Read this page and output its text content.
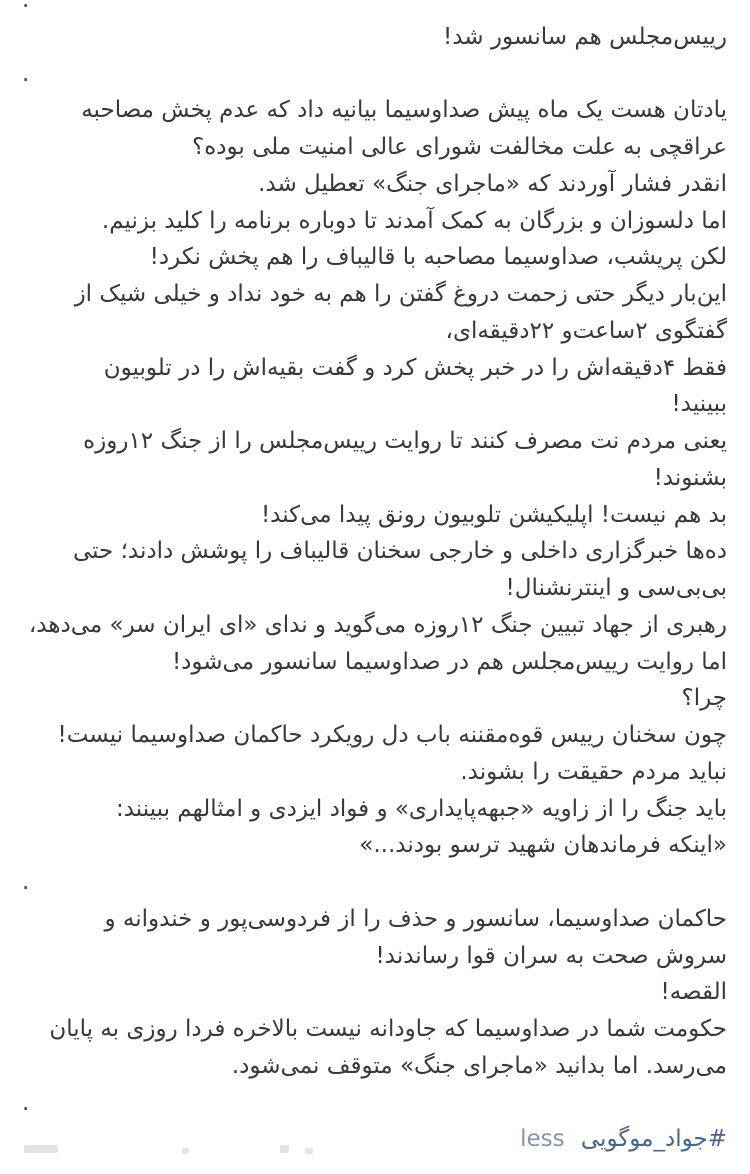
.
رییس‌مجلس هم سانسور شد!
.
یادتان هست یک ماه پیش صداوسیما بیانیه داد که عدم پخش مصاحبه
عراقچی به علت مخالفت شورای عالی امنیت ملی بوده؟
انقدر فشار آوردند که «ماجرای جنگ» تعطیل شد.
اما دلسوزان و بزرگان به کمک آمدند تا دوباره برنامه را کلید بزنیم.
لکن پریشب، صداوسیما مصاحبه با قالیباف را هم پخش نکرد!
این‌بار دیگر حتی زحمت دروغ گفتن را هم به خود نداد و خیلی شیک از
گفتگوی ۲ساعت‌و ۲۲دقیقه‌ای،
فقط ۴دقیقه‌اش را در خبر پخش کرد و گفت بقیه‌اش را در تلوبیون
ببینید!
یعنی مردم نت مصرف کنند تا روایت رییس‌مجلس را از جنگ ۱۲روزه
بشنوند!
بد هم نیست! اپلیکیشن تلوبیون رونق پیدا می‌کند!
ده‌ها خبرگزاری داخلی و خارجی سخنان قالیباف را پوشش دادند؛ حتی
بی‌بی‌سی و اینترنشنال!
رهبری از جهاد تبیین جنگ ۱۲روزه می‌گوید و ندای «ای ایران سر» می‌دهد،
اما روایت رییس‌مجلس هم در صداوسیما سانسور می‌شود!
چرا؟
چون سخنان رییس قوه‌مقننه باب دل رویکرد حاکمان صداوسیما نیست!
نباید مردم حقیقت را بشوند.
باید جنگ را از زاویه «جبهه‌پایداری» و فواد ایزدی و امثالهم ببینند:
«اینکه فرماندهان شهید ترسو بودند...»
.
حاکمان صداوسیما، سانسور و حذف را از فردوسی‌پور و خندوانه و
سروش صحت به سران قوا رساندند!
القصه!
حکومت شما در صداوسیما که جاودانه نیست بالاخره فردا روزی به پایان
می‌رسد. اما بدانید «ماجرای جنگ» متوقف نمی‌شود.
.
#جواد_موگویی less
